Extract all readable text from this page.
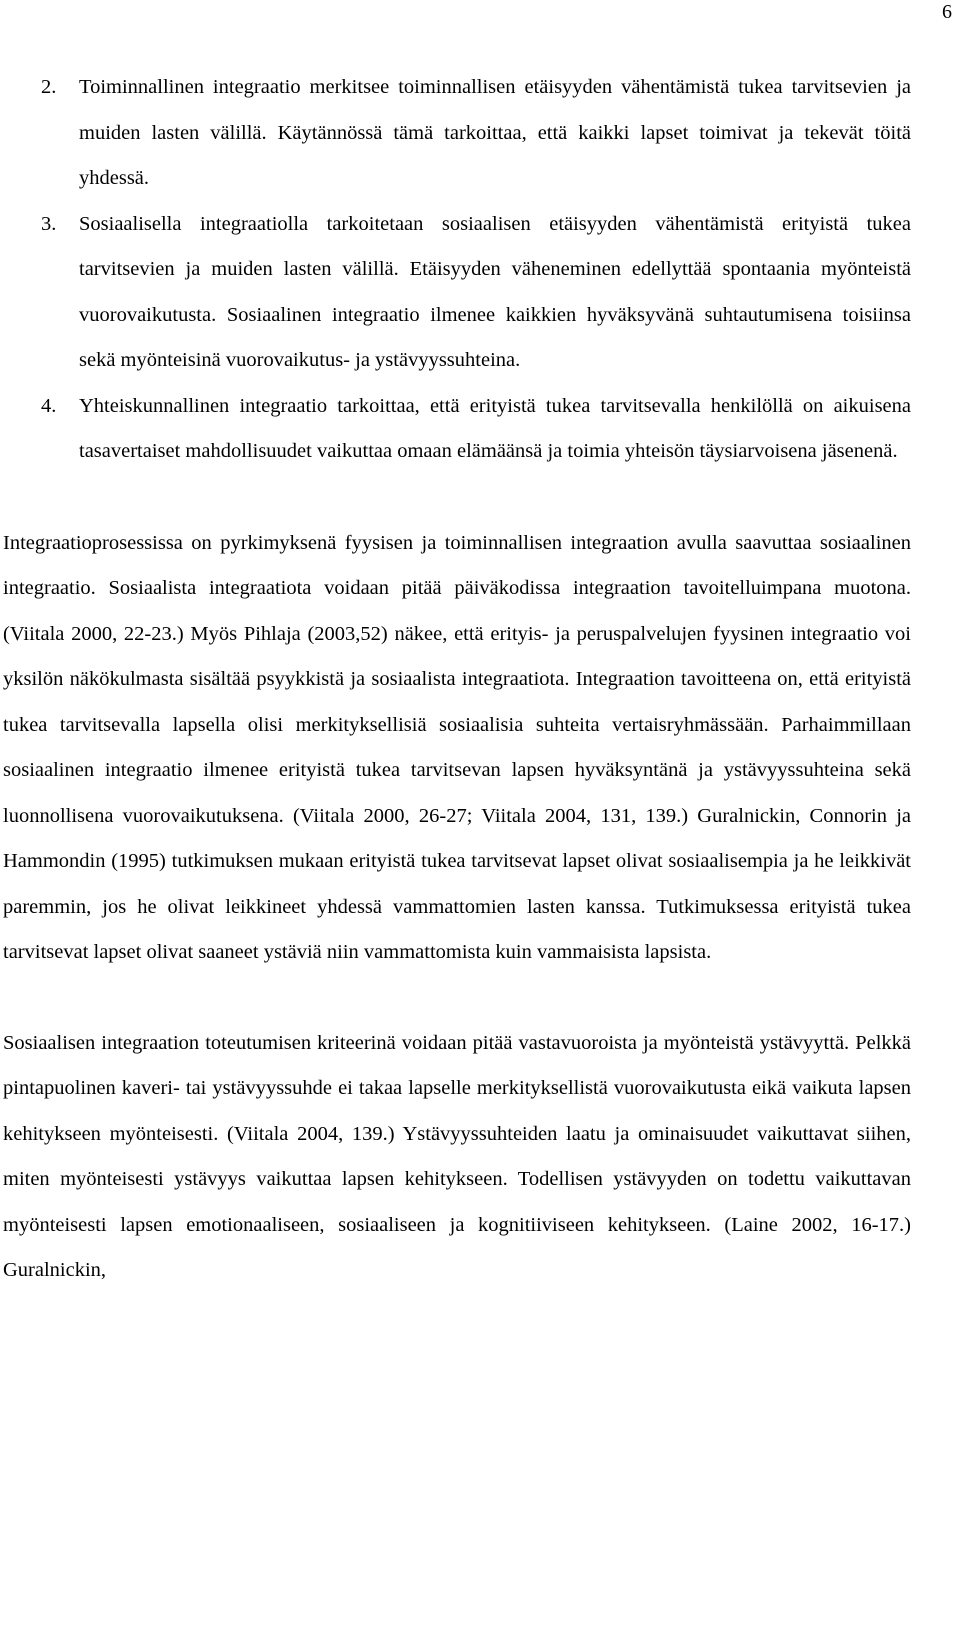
6
2. Toiminnallinen integraatio merkitsee toiminnallisen etäisyyden vähentämistä tukea tarvitsevien ja muiden lasten välillä. Käytännössä tämä tarkoittaa, että kaikki lapset toimivat ja tekevät töitä yhdessä.
3. Sosiaalisella integraatiolla tarkoitetaan sosiaalisen etäisyyden vähentämistä erityistä tukea tarvitsevien ja muiden lasten välillä. Etäisyyden väheneminen edellyttää spontaania myönteistä vuorovaikutusta. Sosiaalinen integraatio ilmenee kaikkien hyväksyvänä suhtautumisena toisiinsa sekä myönteisinä vuorovaikutus- ja ystävyyssuhteina.
4. Yhteiskunnallinen integraatio tarkoittaa, että erityistä tukea tarvitsevalla henkilöllä on aikuisena tasavertaiset mahdollisuudet vaikuttaa omaan elämäänsä ja toimia yhteisön täysiarvoisena jäsenenä.

Integraatioprosessissa on pyrkimyksenä fyysisen ja toiminnallisen integraation avulla saavuttaa sosiaalinen integraatio. Sosiaalista integraatiota voidaan pitää päiväkodissa integraation tavoitelluimpana muotona. (Viitala 2000, 22-23.) Myös Pihlaja (2003,52) näkee, että erityis- ja peruspalvelujen fyysinen integraatio voi yksilön näkökulmasta sisältää psyykkistä ja sosiaalista integraatiota. Integraation tavoitteena on, että erityistä tukea tarvitsevalla lapsella olisi merkityksellisiä sosiaalisia suhteita vertaisryhmässään. Parhaimmillaan sosiaalinen integraatio ilmenee erityistä tukea tarvitsevan lapsen hyväksyntänä ja ystävyyssuhteina sekä luonnollisena vuorovaikutuksena. (Viitala 2000, 26-27; Viitala 2004, 131, 139.) Guralnickin, Connorin ja Hammondin (1995) tutkimuksen mukaan erityistä tukea tarvitsevat lapset olivat sosiaalisempia ja he leikkivät paremmin, jos he olivat leikkineet yhdessä vammattomien lasten kanssa. Tutkimuksessa erityistä tukea tarvitsevat lapset olivat saaneet ystäviä niin vammattomista kuin vammaisista lapsista.

Sosiaalisen integraation toteutumisen kriteerinä voidaan pitää vastavuoroista ja myönteistä ystävyyttä. Pelkkä pintapuolinen kaveri- tai ystävyyssuhde ei takaa lapselle merkityksellistä vuorovaikutusta eikä vaikuta lapsen kehitykseen myönteisesti. (Viitala 2004, 139.) Ystävyyssuhteiden laatu ja ominaisuudet vaikuttavat siihen, miten myönteisesti ystävyys vaikuttaa lapsen kehitykseen. Todellisen ystävyyden on todettu vaikuttavan myönteisesti lapsen emotionaaliseen, sosiaaliseen ja kognitiiviseen kehitykseen. (Laine 2002, 16-17.) Guralnickin,
